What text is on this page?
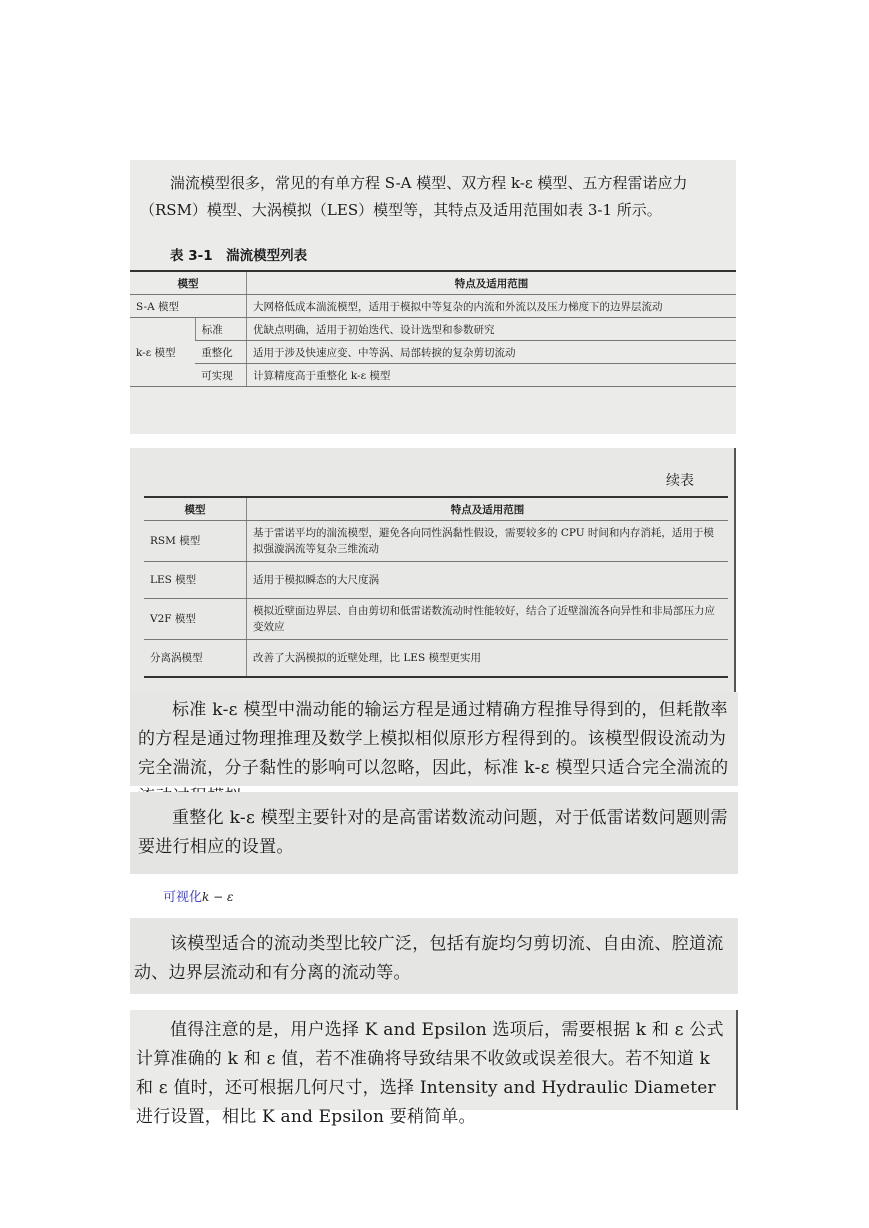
湍流模型很多，常见的有单方程 S-A 模型、双方程 k-ε 模型、五方程雷诺应力（RSM）模型、大涡模拟（LES）模型等，其特点及适用范围如表 3-1 所示。

表 3-1　湍流模型列表
模型		特点及适用范围
S-A 模型		大网格低成本湍流模型，适用于模拟中等复杂的内流和外流以及压力梯度下的边界层流动
k-ε 模型	标准	优缺点明确，适用于初始迭代、设计选型和参数研究
	重整化	适用于涉及快速应变、中等涡、局部转捩的复杂剪切流动
	可实现	计算精度高于重整化 k-ε 模型
续表
模型	特点及适用范围
RSM 模型	基于雷诺平均的湍流模型，避免各向同性涡黏性假设，需要较多的 CPU 时间和内存消耗，适用于模拟强漩涡流等复杂三维流动
LES 模型	适用于模拟瞬态的大尺度涡
V2F 模型	模拟近壁面边界层、自由剪切和低雷诺数流动时性能较好，结合了近壁湍流各向异性和非局部压力应变效应
分离涡模型	改善了大涡模拟的近壁处理，比 LES 模型更实用

标准 k-ε 模型中湍动能的输运方程是通过精确方程推导得到的，但耗散率的方程是通过物理推理及数学上模拟相似原形方程得到的。该模型假设流动为完全湍流，分子黏性的影响可以忽略，因此，标准 k-ε 模型只适合完全湍流的

重整化 k-ε 模型主要针对的是高雷诺数流动问题，对于低雷诺数问题则需要进行相应的设置。

可视化k − ε

该模型适合的流动类型比较广泛，包括有旋均匀剪切流、自由流、腔道流动、边界层流动和有分离的流动等。

值得注意的是，用户选择 K and Epsilon 选项后，需要根据 k 和 ε 公式计算准确的 k 和 ε 值，若不准确将导致结果不收敛或误差很大。若不知道 k 和 ε 值时，还可根据几何尺寸，选择 Intensity and Hydraulic Diameter 进行设置，相比 K and Epsilon 要稍简单。
